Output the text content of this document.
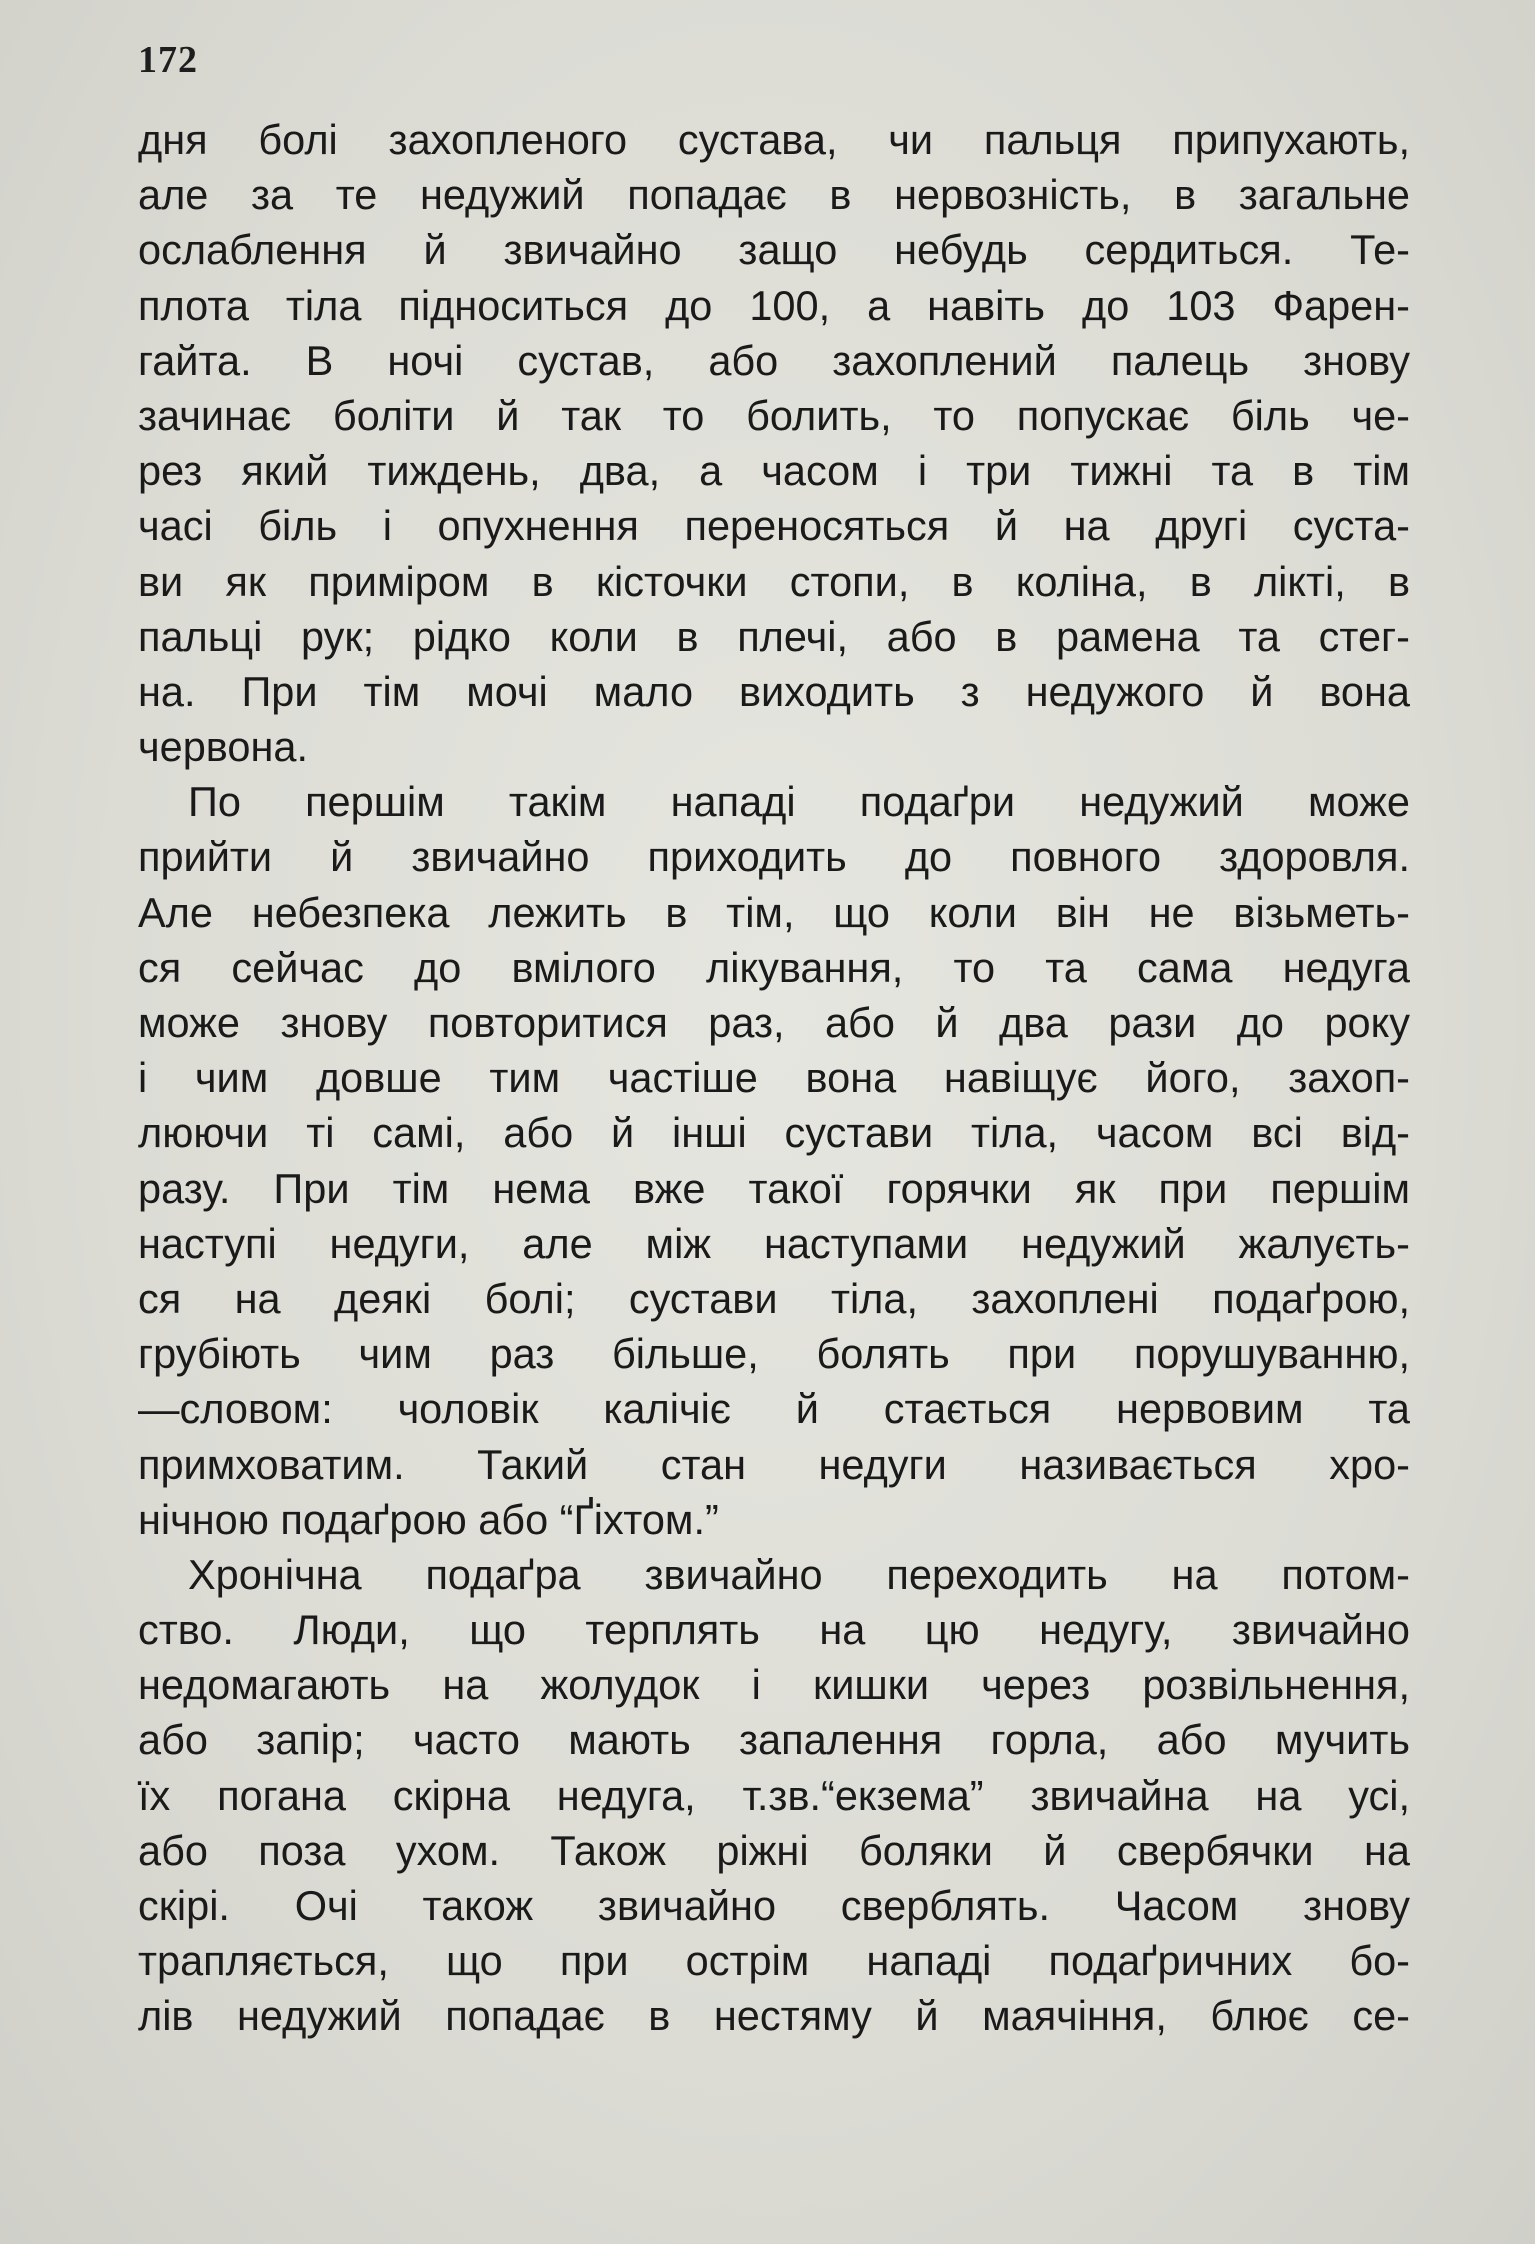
172
дня болі захопленого сустава, чи пальця припухають,
але за те недужий попадає в нервозність, в загальне
ослаблення й звичайно защо небудь сердиться. Те-
плота тіла підноситься до 100, а навіть до 103 Фарен-
гайта. В ночі сустав, або захоплений палець знову
зачинає боліти й так то болить, то попускає біль че-
рез який тиждень, два, а часом і три тижні та в тім
часі біль і опухнення переносяться й на другі суста-
ви як приміром в кісточки стопи, в коліна, в лікті, в
пальці рук; рідко коли в плечі, або в рамена та стег-
на. При тім мочі мало виходить з недужого й вона
червона.
По першім такім нападі подаґри недужий може
прийти й звичайно приходить до повного здоровля.
Але небезпека лежить в тім, що коли він не візьметь-
ся сейчас до вмілого лікування, то та сама недуга
може знову повторитися раз, або й два рази до року
і чим довше тим частіше вона навіщує його, захоп-
люючи ті самі, або й інші сустави тіла, часом всі від-
разу. При тім нема вже такої горячки як при першім
наступі недуги, але між наступами недужий жалуєть-
ся на деякі болі; сустави тіла, захоплені подаґрою,
грубіють чим раз більше, болять при порушуванню,
—словом: чоловік калічіє й стається нервовим та
примховатим. Такий стан недуги називається хро-
нічною подаґрою або “Ґіхтом.”
Хронічна подаґра звичайно переходить на потом-
ство. Люди, що терплять на цю недугу, звичайно
недомагають на жолудок і кишки через розвільнення,
або запір; часто мають запалення горла, або мучить
їх погана скірна недуга, т.зв.“екзема” звичайна на усі,
або поза ухом. Також ріжні боляки й свербячки на
скірі. Очі також звичайно сверблять. Часом знову
трапляється, що при острім нападі подаґричних бо-
лів недужий попадає в нестяму й маячіння, блює се-
